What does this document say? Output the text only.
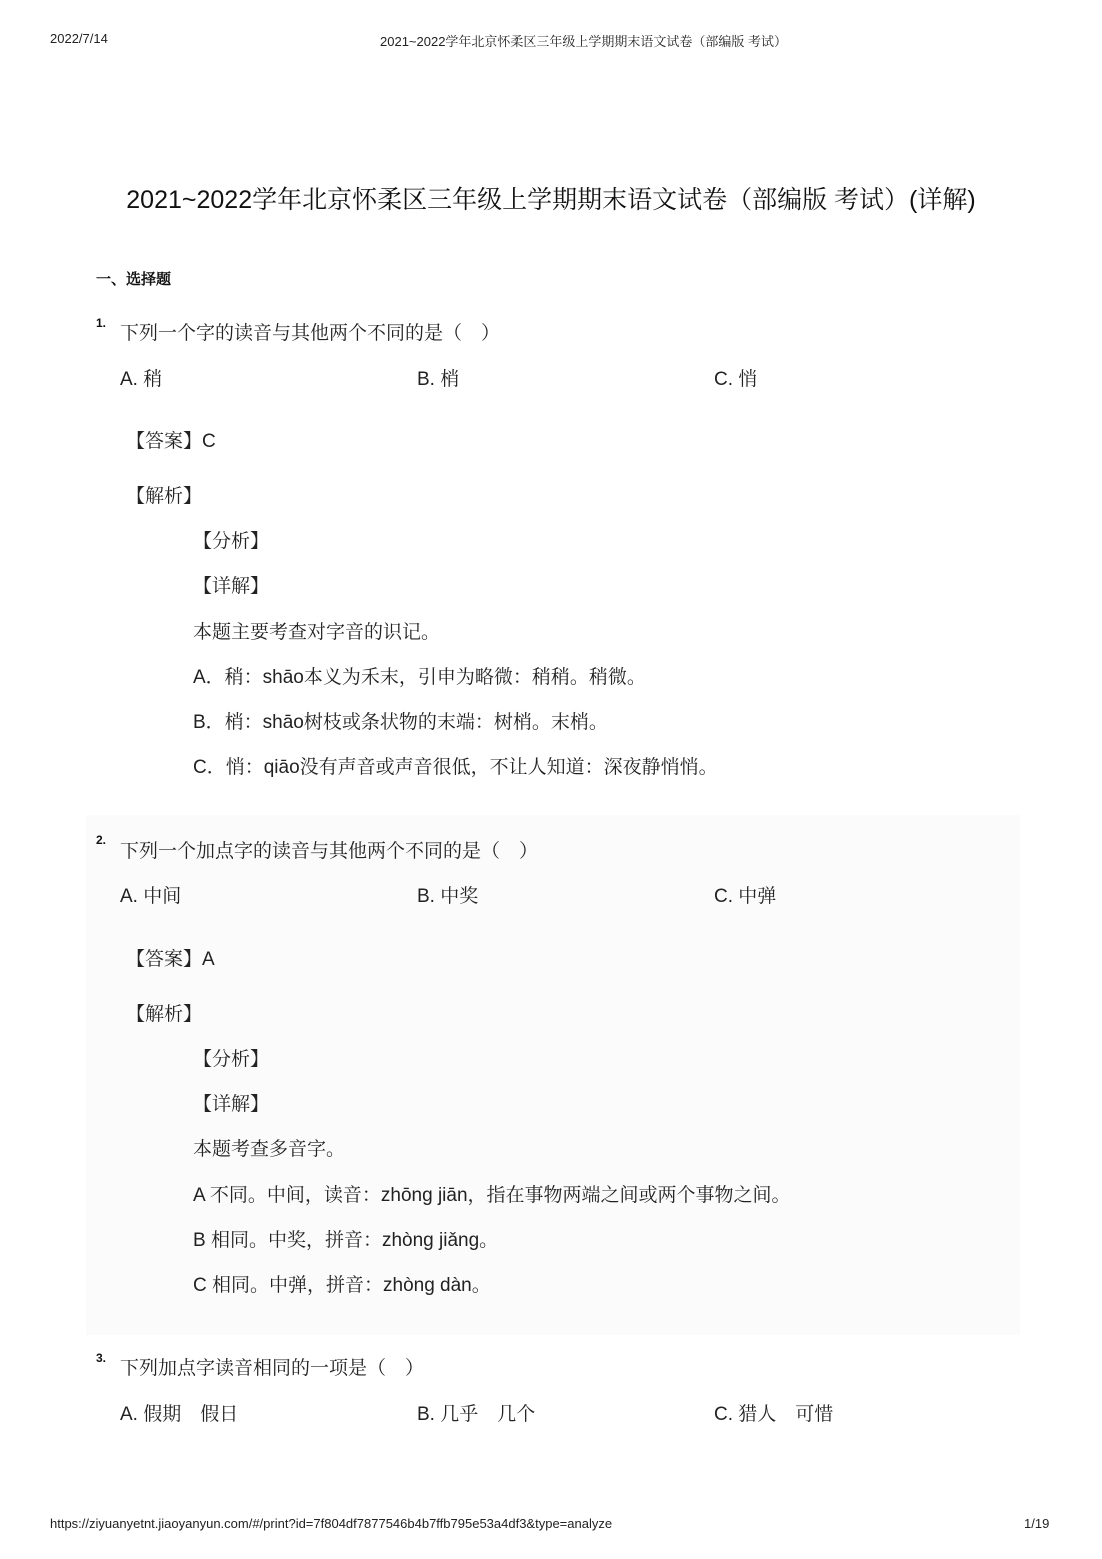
2022/7/14	2021~2022学年北京怀柔区三年级上学期期末语文试卷（部编版 考试）
2021~2022学年北京怀柔区三年级上学期期末语文试卷（部编版 考试）(详解)
一、选择题
1. 下列一个字的读音与其他两个不同的是（　）
A. 稍	B. 梢	C. 悄
【答案】C
【解析】
【分析】
【详解】
本题主要考查对字音的识记。
A．稍：shāo本义为禾末，引申为略微：稍稍。稍微。
B．梢：shāo树枝或条状物的末端：树梢。末梢。
C．悄：qiāo没有声音或声音很低，不让人知道：深夜静悄悄。
2.
下列一个加点字的读音与其他两个不同的是（　）
A. 中间	B. 中奖	C. 中弹
【答案】A
【解析】
【分析】
【详解】
本题考查多音字。
A 不同。中间，读音：zhōng jiān，指在事物两端之间或两个事物之间。
B 相同。中奖，拼音：zhòng jiǎng。
C 相同。中弹，拼音：zhòng dàn。
3. 下列加点字读音相同的一项是（　）
A. 假期　假日	B. 几乎　几个	C. 猎人　可惜
https://ziyuanyetnt.jiaoyanyun.com/#/print?id=7f804df7877546b4b7ffb795e53a4df3&type=analyze	1/19
